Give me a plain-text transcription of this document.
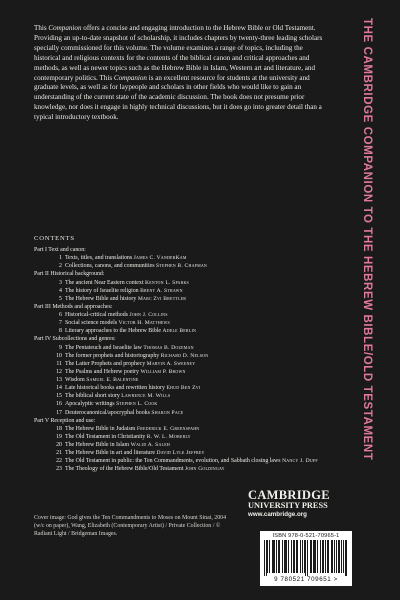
This Companion offers a concise and engaging introduction to the Hebrew Bible or Old Testament. Providing an up-to-date snapshot of scholarship, it includes chapters by twenty-three leading scholars specially commissioned for this volume. The volume examines a range of topics, including the historical and religious contexts for the contents of the biblical canon and critical approaches and methods, as well as newer topics such as the Hebrew Bible in Islam, Western art and literature, and contemporary politics. This Companion is an excellent resource for students at the university and graduate levels, as well as for laypeople and scholars in other fields who would like to gain an understanding of the current state of the academic discussion. The book does not presume prior knowledge, nor does it engage in highly technical discussions, but it does go into greater detail than a typical introductory textbook.
CONTENTS
Part I Text and canon:
1 Texts, titles, and translations James C. VanderKam
2 Collections, canons, and communities Stephen B. Chapman
Part II Historical background:
3 The ancient Near Eastern context Kenton L. Sparks
4 The history of Israelite religion Brent A. Strawn
5 The Hebrew Bible and history Marc Zvi Brettler
Part III Methods and approaches:
6 Historical-critical methods John J. Collins
7 Social science models Victor H. Matthews
8 Literary approaches to the Hebrew Bible Adele Berlin
Part IV Subcollections and genres:
9 The Pentateuch and Israelite law Thomas B. Dozeman
10 The former prophets and historiography Richard D. Nelson
11 The Latter Prophets and prophecy Marvin A. Sweeney
12 The Psalms and Hebrew poetry William P. Brown
13 Wisdom Samuel E. Balentine
14 Late historical books and rewritten history Ehud Ben Zvi
15 The biblical short story Lawrence M. Wills
16 Apocalyptic writings Stephen L. Cook
17 Deuterocanonical/apocryphal books Sharon Pace
Part V Reception and use:
18 The Hebrew Bible in Judaism Frederick E. Greenspahn
19 The Old Testament in Christianity R. W. L. Moberly
20 The Hebrew Bible in Islam Walid A. Saleh
21 The Hebrew Bible in art and literature David Lyle Jeffrey
22 The Old Testament in public: the Ten Commandments, evolution, and Sabbath closing laws Nancy J. Duff
23 The Theology of the Hebrew Bible/Old Testament John Goldingay
THE CAMBRIDGE COMPANION TO THE HEBREW BIBLE/OLD TESTAMENT
Cover image: God gives the Ten Commandments to Moses on Mount Sinai, 2004 (w/c on paper), Wang, Elizabeth (Contemporary Artist) / Private Collection / © Radiant Light / Bridgeman Images.
CAMBRIDGE
UNIVERSITY PRESS
www.cambridge.org
ISBN 978-0-521-70965-1
9 780521 709651 >
